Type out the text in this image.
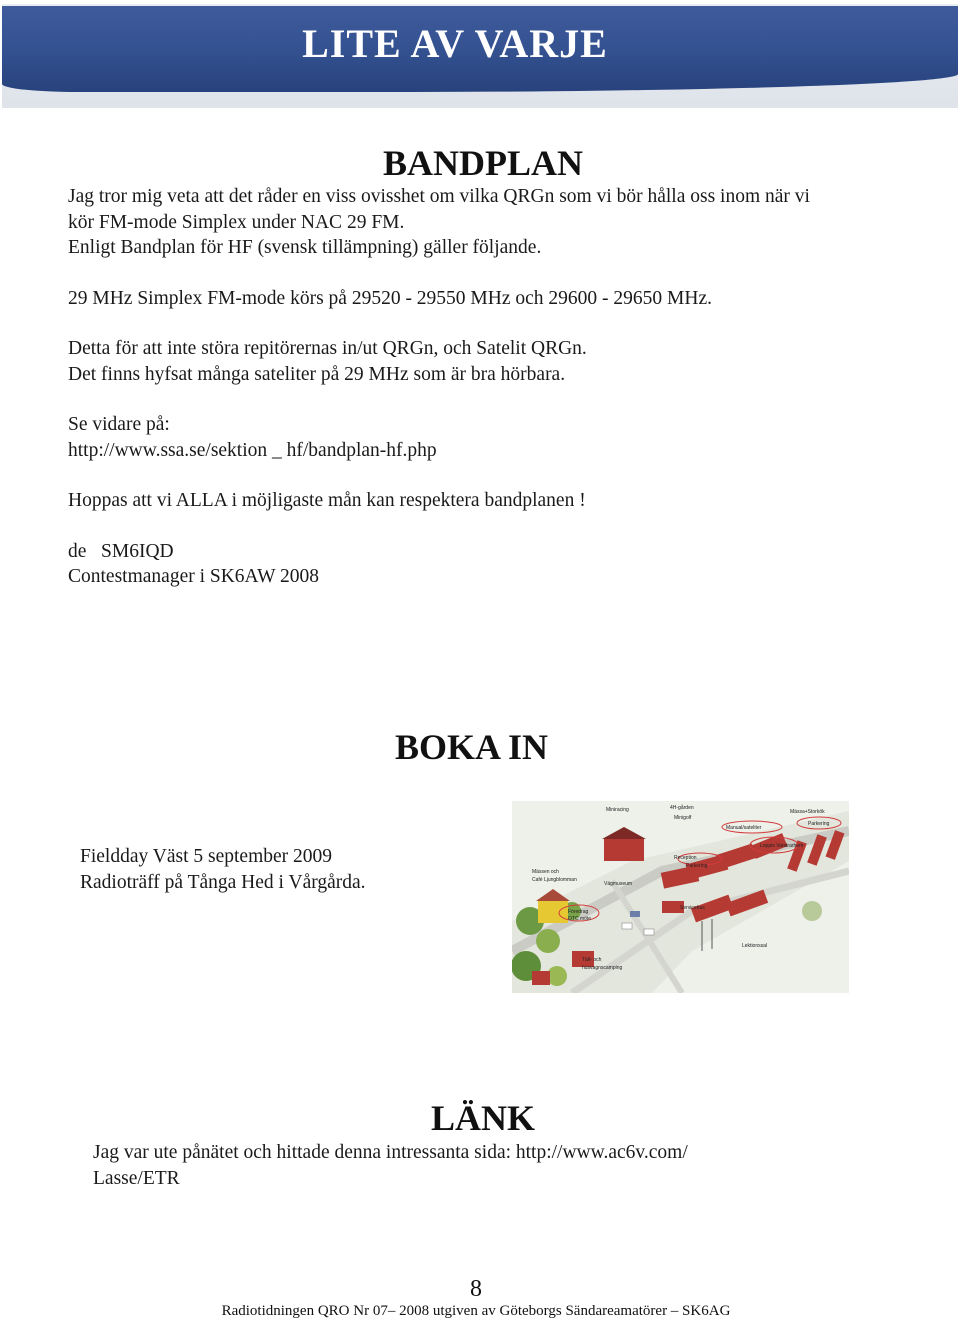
LITE AV VARJE
BANDPLAN
Jag tror mig veta att det råder en viss ovisshet om vilka QRGn som vi bör hålla oss inom när vi
kör FM-mode Simplex under NAC 29 FM.
Enligt Bandplan för HF (svensk tillämpning) gäller följande.
29 MHz Simplex FM-mode körs på 29520 - 29550 MHz och 29600 - 29650 MHz.
Detta för att inte störa repitörernas in/ut QRGn, och Satelit QRGn.
Det finns hyfsat många sateliter på 29 MHz som är bra hörbara.
Se vidare på:
http://www.ssa.se/sektion _ hf/bandplan-hf.php
Hoppas att vi ALLA i möjligaste mån kan respektera bandplanen !
de   SM6IQD
Contestmanager i SK6AW 2008
BOKA IN
Fieldday Väst 5 september 2009
Radioträff på Tånga Hed i Vårgårda.
Miniracing	4H-gården
Mässa+Storkök
Parkering
Minigolf
Manual/sateliter
Loppis Vandrarhem
Reception
Parkering
Vägmuseum
Mässen och
Café Ljungblomman
Servicehus
Föredrag
OTC möte
Lektionssal
Tält- och
husvagnscamping
LÄNK
Jag var ute pånätet och hittade denna intressanta sida: http://www.ac6v.com/
Lasse/ETR
8
Radiotidningen QRO Nr 07– 2008 utgiven av Göteborgs Sändareamatörer – SK6AG
